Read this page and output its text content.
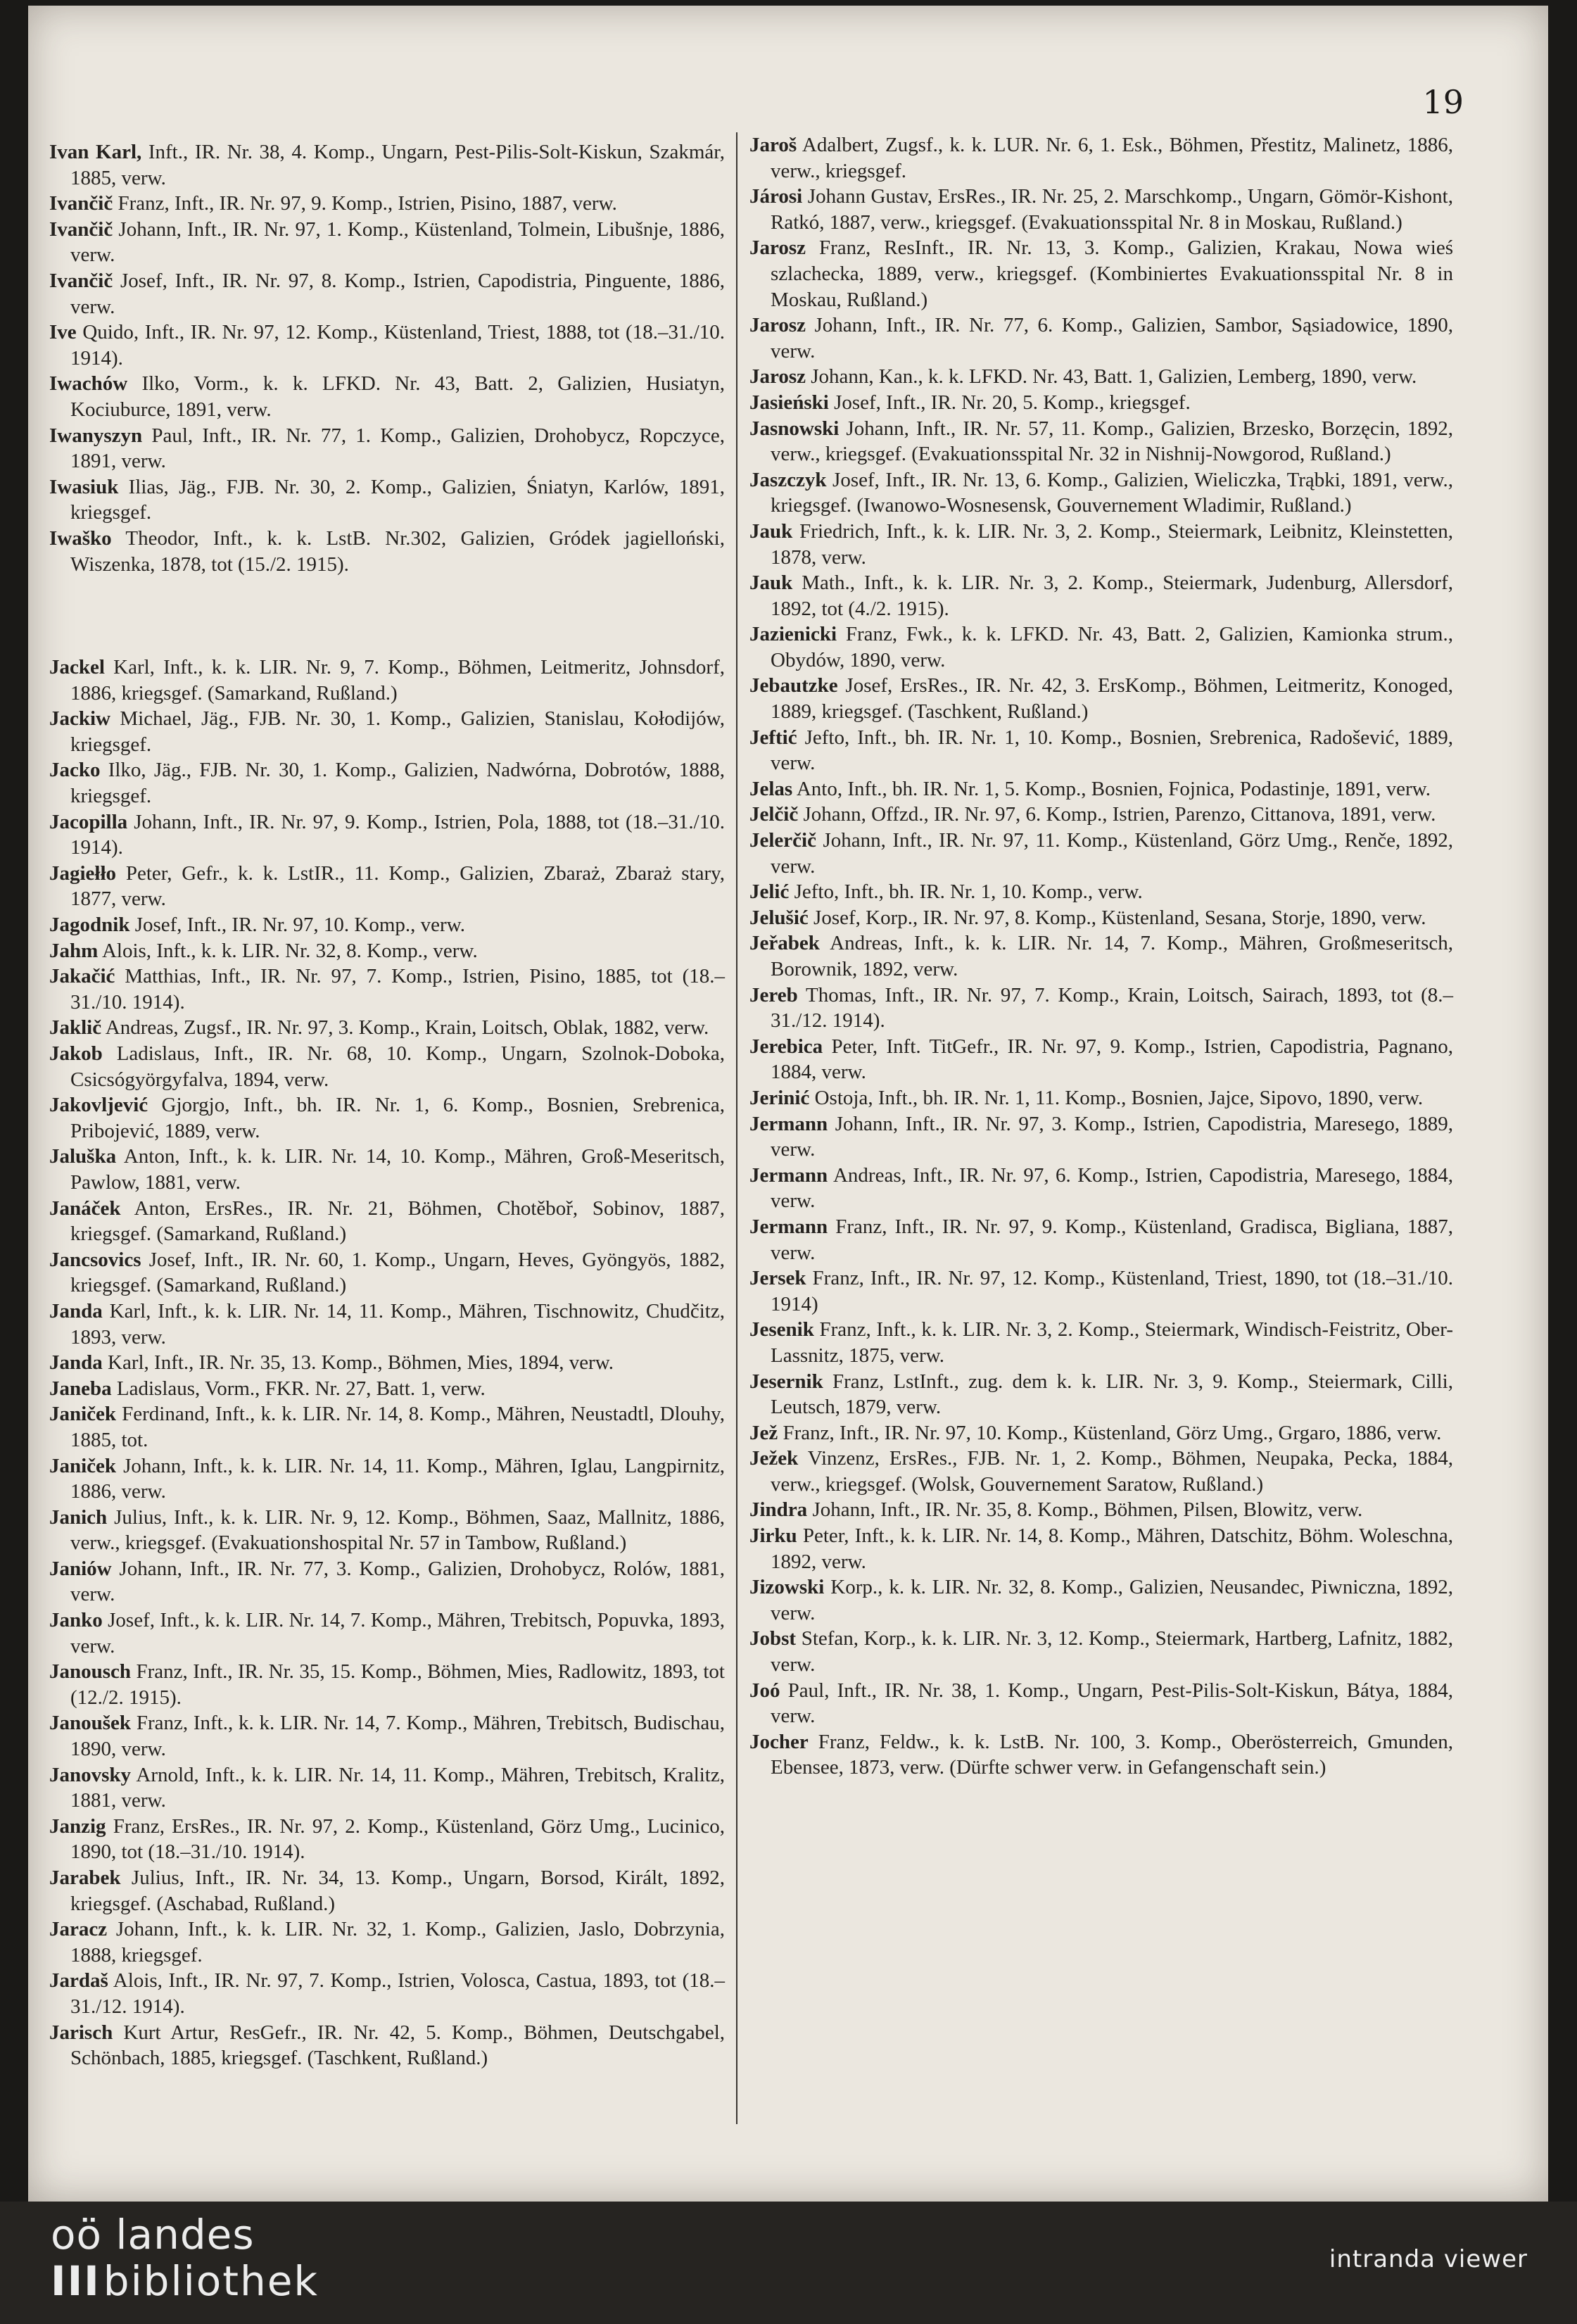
19
Ivan Karl, Inft., IR. Nr. 38, 4. Komp., Ungarn, Pest-Pilis-Solt-Kiskun, Szakmár, 1885, verw.
Ivančič Franz, Inft., IR. Nr. 97, 9. Komp., Istrien, Pisino, 1887, verw.
Ivančič Johann, Inft., IR. Nr. 97, 1. Komp., Küstenland, Tolmein, Libušnje, 1886, verw.
Ivančič Josef, Inft., IR. Nr. 97, 8. Komp., Istrien, Capodistria, Pinguente, 1886, verw.
Ive Quido, Inft., IR. Nr. 97, 12. Komp., Küstenland, Triest, 1888, tot (18.–31./10. 1914).
Iwachów Ilko, Vorm., k. k. LFKD. Nr. 43, Batt. 2, Galizien, Husiatyn, Kociuburce, 1891, verw.
Iwanyszyn Paul, Inft., IR. Nr. 77, 1. Komp., Galizien, Drohobycz, Ropczyce, 1891, verw.
Iwasiuk Ilias, Jäg., FJB. Nr. 30, 2. Komp., Galizien, Śniatyn, Karlów, 1891, kriegsgef.
Iwaško Theodor, Inft., k. k. LstB. Nr.302, Galizien, Gródek jagielloński, Wiszenka, 1878, tot (15./2. 1915).
Jackel Karl, Inft., k. k. LIR. Nr. 9, 7. Komp., Böhmen, Leitmeritz, Johnsdorf, 1886, kriegsgef. (Samarkand, Rußland.)
Jackiw Michael, Jäg., FJB. Nr. 30, 1. Komp., Galizien, Stanislau, Kołodijów, kriegsgef.
Jacko Ilko, Jäg., FJB. Nr. 30, 1. Komp., Galizien, Nadwórna, Dobrotów, 1888, kriegsgef.
Jacopilla Johann, Inft., IR. Nr. 97, 9. Komp., Istrien, Pola, 1888, tot (18.–31./10. 1914).
Jagiełło Peter, Gefr., k. k. LstIR., 11. Komp., Galizien, Zbaraż, Zbaraż stary, 1877, verw.
Jagodnik Josef, Inft., IR. Nr. 97, 10. Komp., verw.
Jahm Alois, Inft., k. k. LIR. Nr. 32, 8. Komp., verw.
Jakačić Matthias, Inft., IR. Nr. 97, 7. Komp., Istrien, Pisino, 1885, tot (18.–31./10. 1914).
Jaklič Andreas, Zugsf., IR. Nr. 97, 3. Komp., Krain, Loitsch, Oblak, 1882, verw.
Jakob Ladislaus, Inft., IR. Nr. 68, 10. Komp., Ungarn, Szolnok-Doboka, Csicsógyörgyfalva, 1894, verw.
Jakovljević Gjorgjo, Inft., bh. IR. Nr. 1, 6. Komp., Bosnien, Srebrenica, Pribojević, 1889, verw.
Jaluška Anton, Inft., k. k. LIR. Nr. 14, 10. Komp., Mähren, Groß-Meseritsch, Pawlow, 1881, verw.
Janáček Anton, ErsRes., IR. Nr. 21, Böhmen, Chotěboř, Sobinov, 1887, kriegsgef. (Samarkand, Rußland.)
Jancsovics Josef, Inft., IR. Nr. 60, 1. Komp., Ungarn, Heves, Gyöngyös, 1882, kriegsgef. (Samarkand, Rußland.)
Janda Karl, Inft., k. k. LIR. Nr. 14, 11. Komp., Mähren, Tischnowitz, Chudčitz, 1893, verw.
Janda Karl, Inft., IR. Nr. 35, 13. Komp., Böhmen, Mies, 1894, verw.
Janeba Ladislaus, Vorm., FKR. Nr. 27, Batt. 1, verw.
Janiček Ferdinand, Inft., k. k. LIR. Nr. 14, 8. Komp., Mähren, Neustadtl, Dlouhy, 1885, tot.
Janiček Johann, Inft., k. k. LIR. Nr. 14, 11. Komp., Mähren, Iglau, Langpirnitz, 1886, verw.
Janich Julius, Inft., k. k. LIR. Nr. 9, 12. Komp., Böhmen, Saaz, Mallnitz, 1886, verw., kriegsgef. (Evakuationshospital Nr. 57 in Tambow, Rußland.)
Janiów Johann, Inft., IR. Nr. 77, 3. Komp., Galizien, Drohobycz, Rolów, 1881, verw.
Janko Josef, Inft., k. k. LIR. Nr. 14, 7. Komp., Mähren, Trebitsch, Popuvka, 1893, verw.
Janousch Franz, Inft., IR. Nr. 35, 15. Komp., Böhmen, Mies, Radlowitz, 1893, tot (12./2. 1915).
Janoušek Franz, Inft., k. k. LIR. Nr. 14, 7. Komp., Mähren, Trebitsch, Budischau, 1890, verw.
Janovsky Arnold, Inft., k. k. LIR. Nr. 14, 11. Komp., Mähren, Trebitsch, Kralitz, 1881, verw.
Janzig Franz, ErsRes., IR. Nr. 97, 2. Komp., Küstenland, Görz Umg., Lucinico, 1890, tot (18.–31./10. 1914).
Jarabek Julius, Inft., IR. Nr. 34, 13. Komp., Ungarn, Borsod, Királt, 1892, kriegsgef. (Aschabad, Rußland.)
Jaracz Johann, Inft., k. k. LIR. Nr. 32, 1. Komp., Galizien, Jaslo, Dobrzynia, 1888, kriegsgef.
Jardaš Alois, Inft., IR. Nr. 97, 7. Komp., Istrien, Volosca, Castua, 1893, tot (18.–31./12. 1914).
Jarisch Kurt Artur, ResGefr., IR. Nr. 42, 5. Komp., Böhmen, Deutschgabel, Schönbach, 1885, kriegsgef. (Taschkent, Rußland.)
Jaroš Adalbert, Zugsf., k. k. LUR. Nr. 6, 1. Esk., Böhmen, Přestitz, Malinetz, 1886, verw., kriegsgef.
Járosi Johann Gustav, ErsRes., IR. Nr. 25, 2. Marschkomp., Ungarn, Gömör-Kishont, Ratkó, 1887, verw., kriegsgef. (Evakuationsspital Nr. 8 in Moskau, Rußland.)
Jarosz Franz, ResInft., IR. Nr. 13, 3. Komp., Galizien, Krakau, Nowa wieś szlachecka, 1889, verw., kriegsgef. (Kombiniertes Evakuationsspital Nr. 8 in Moskau, Rußland.)
Jarosz Johann, Inft., IR. Nr. 77, 6. Komp., Galizien, Sambor, Sąsiadowice, 1890, verw.
Jarosz Johann, Kan., k. k. LFKD. Nr. 43, Batt. 1, Galizien, Lemberg, 1890, verw.
Jasieński Josef, Inft., IR. Nr. 20, 5. Komp., kriegsgef.
Jasnowski Johann, Inft., IR. Nr. 57, 11. Komp., Galizien, Brzesko, Borzęcin, 1892, verw., kriegsgef. (Evakuationsspital Nr. 32 in Nishnij-Nowgorod, Rußland.)
Jaszczyk Josef, Inft., IR. Nr. 13, 6. Komp., Galizien, Wieliczka, Trąbki, 1891, verw., kriegsgef. (Iwanowo-Wosnesensk, Gouvernement Wladimir, Rußland.)
Jauk Friedrich, Inft., k. k. LIR. Nr. 3, 2. Komp., Steiermark, Leibnitz, Kleinstetten, 1878, verw.
Jauk Math., Inft., k. k. LIR. Nr. 3, 2. Komp., Steiermark, Judenburg, Allersdorf, 1892, tot (4./2. 1915).
Jazienicki Franz, Fwk., k. k. LFKD. Nr. 43, Batt. 2, Galizien, Kamionka strum., Obydów, 1890, verw.
Jebautzke Josef, ErsRes., IR. Nr. 42, 3. ErsKomp., Böhmen, Leitmeritz, Konoged, 1889, kriegsgef. (Taschkent, Rußland.)
Jeftić Jefto, Inft., bh. IR. Nr. 1, 10. Komp., Bosnien, Srebrenica, Radošević, 1889, verw.
Jelas Anto, Inft., bh. IR. Nr. 1, 5. Komp., Bosnien, Fojnica, Podastinje, 1891, verw.
Jelčič Johann, Offzd., IR. Nr. 97, 6. Komp., Istrien, Parenzo, Cittanova, 1891, verw.
Jelerčič Johann, Inft., IR. Nr. 97, 11. Komp., Küstenland, Görz Umg., Renče, 1892, verw.
Jelić Jefto, Inft., bh. IR. Nr. 1, 10. Komp., verw.
Jelušić Josef, Korp., IR. Nr. 97, 8. Komp., Küstenland, Sesana, Storje, 1890, verw.
Jeřabek Andreas, Inft., k. k. LIR. Nr. 14, 7. Komp., Mähren, Großmeseritsch, Borownik, 1892, verw.
Jereb Thomas, Inft., IR. Nr. 97, 7. Komp., Krain, Loitsch, Sairach, 1893, tot (8.–31./12. 1914).
Jerebica Peter, Inft. TitGefr., IR. Nr. 97, 9. Komp., Istrien, Capodistria, Pagnano, 1884, verw.
Jerinić Ostoja, Inft., bh. IR. Nr. 1, 11. Komp., Bosnien, Jajce, Sipovo, 1890, verw.
Jermann Johann, Inft., IR. Nr. 97, 3. Komp., Istrien, Capodistria, Maresego, 1889, verw.
Jermann Andreas, Inft., IR. Nr. 97, 6. Komp., Istrien, Capodistria, Maresego, 1884, verw.
Jermann Franz, Inft., IR. Nr. 97, 9. Komp., Küstenland, Gradisca, Bigliana, 1887, verw.
Jersek Franz, Inft., IR. Nr. 97, 12. Komp., Küstenland, Triest, 1890, tot (18.–31./10. 1914)
Jesenik Franz, Inft., k. k. LIR. Nr. 3, 2. Komp., Steiermark, Windisch-Feistritz, Ober-Lassnitz, 1875, verw.
Jesernik Franz, LstInft., zug. dem k. k. LIR. Nr. 3, 9. Komp., Steiermark, Cilli, Leutsch, 1879, verw.
Jež Franz, Inft., IR. Nr. 97, 10. Komp., Küstenland, Görz Umg., Grgaro, 1886, verw.
Ježek Vinzenz, ErsRes., FJB. Nr. 1, 2. Komp., Böhmen, Neupaka, Pecka, 1884, verw., kriegsgef. (Wolsk, Gouvernement Saratow, Rußland.)
Jindra Johann, Inft., IR. Nr. 35, 8. Komp., Böhmen, Pilsen, Blowitz, verw.
Jirku Peter, Inft., k. k. LIR. Nr. 14, 8. Komp., Mähren, Datschitz, Böhm. Woleschna, 1892, verw.
Jizowski Korp., k. k. LIR. Nr. 32, 8. Komp., Galizien, Neusandec, Piwniczna, 1892, verw.
Jobst Stefan, Korp., k. k. LIR. Nr. 3, 12. Komp., Steiermark, Hartberg, Lafnitz, 1882, verw.
Joó Paul, Inft., IR. Nr. 38, 1. Komp., Ungarn, Pest-Pilis-Solt-Kiskun, Bátya, 1884, verw.
Jocher Franz, Feldw., k. k. LstB. Nr. 100, 3. Komp., Oberösterreich, Gmunden, Ebensee, 1873, verw. (Dürfte schwer verw. in Gefangenschaft sein.)
oö landes
IIIbibliothek	intranda viewer
